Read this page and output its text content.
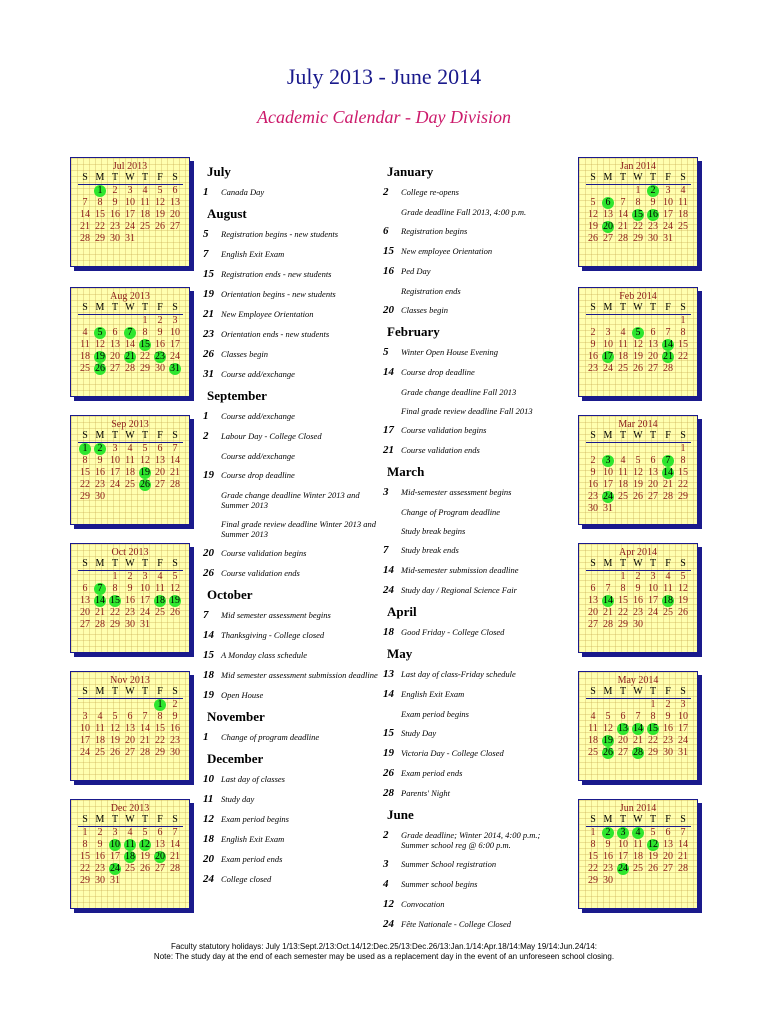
July 2013 - June 2014
Academic Calendar - Day Division
July
1	Canada Day
August
5	Registration begins - new students
7	English Exit Exam
15 Registration ends - new students
19 Orientation begins - new students
21 New Employee Orientation
23 Orientation ends - new students
26 Classes begin
31 Course add/exchange
September
1	Course add/exchange
2	Labour Day - College Closed
Course add/exchange
19 Course drop deadline
Grade change deadline Winter 2013 and Summer 2013
Final grade review deadline Winter 2013 and Summer 2013
20 Course validation begins
26 Course validation ends
October
7	Mid semester assessment begins
14 Thanksgiving - College closed
15 A Monday class schedule
18 Mid semester assessment submission deadline
19 Open House
November
1	Change of program deadline
December
10 Last day of classes
11 Study day
12 Exam period begins
18 English Exit Exam
20 Exam period ends
24 College closed
January
2	College re-opens
Grade deadline Fall 2013, 4:00 p.m.
6	Registration begins
15 New employee Orientation
16 Ped Day
Registration ends
20 Classes begin
February
5	Winter Open House Evening
14 Course drop deadline
Grade change deadline Fall 2013
Final grade review deadline Fall 2013
17 Course validation begins
21 Course validation ends
March
3	Mid-semester assessment begins
Change of Program deadline
Study break begins
7	Study break ends
14 Mid-semester submission deadline
24 Study day / Regional Science Fair
April
18 Good Friday - College Closed
May
13 Last day of class-Friday schedule
14 English Exit Exam
Exam period begins
15 Study Day
19 Victoria Day - College Closed
26 Exam period ends
28 Parents' Night
June
2	Grade deadline; Winter 2014, 4:00 p.m.; Summer school reg @ 6:00 p.m.
3	Summer School registration
4	Summer school begins
12 Convocation
24 Fête Nationale - College Closed
Faculty statutory holidays: July 1/13:Sept.2/13:Oct.14/12:Dec.25/13:Dec.26/13:Jan.1/14:Apr.18/14:May 19/14:Jun.24/14:
Note: The study day at the end of each semester may be used as a replacement day in the event of an unforeseen school closing.
Jul 2013
S	M	T	W	T	F	S
	1	2	3	4	5	6
7	8	9	10	11	12	13
14	15	16	17	18	19	20
21	22	23	24	25	26	27
28	29	30	31			
Aug 2013
S	M	T	W	T	F	S
				1	2	3
4	5	6	7	8	9	10
11	12	13	14	15	16	17
18	19	20	21	22	23	24
25	26	27	28	29	30	31
Sep 2013
S	M	T	W	T	F	S
1	2	3	4	5	6	7
8	9	10	11	12	13	14
15	16	17	18	19	20	21
22	23	24	25	26	27	28
29	30					
Oct 2013
S	M	T	W	T	F	S
		1	2	3	4	5
6	7	8	9	10	11	12
13	14	15	16	17	18	19
20	21	22	23	24	25	26
27	28	29	30	31		
Nov 2013
S	M	T	W	T	F	S
					1	2
3	4	5	6	7	8	9
10	11	12	13	14	15	16
17	18	19	20	21	22	23
24	25	26	27	28	29	30
Dec 2013
S	M	T	W	T	F	S
1	2	3	4	5	6	7
8	9	10	11	12	13	14
15	16	17	18	19	20	21
22	23	24	25	26	27	28
29	30	31				
Jan 2014
S	M	T	W	T	F	S
			1	2	3	4
5	6	7	8	9	10	11
12	13	14	15	16	17	18
19	20	21	22	23	24	25
26	27	28	29	30	31	
Feb 2014
S	M	T	W	T	F	S
						1
2	3	4	5	6	7	8
9	10	11	12	13	14	15
16	17	18	19	20	21	22
23	24	25	26	27	28	
Mar 2014
S	M	T	W	T	F	S
						1
2	3	4	5	6	7	8
9	10	11	12	13	14	15
16	17	18	19	20	21	22
23	24	25	26	27	28	29
30	31					
Apr 2014
S	M	T	W	T	F	S
		1	2	3	4	5
6	7	8	9	10	11	12
13	14	15	16	17	18	19
20	21	22	23	24	25	26
27	28	29	30			
May 2014
S	M	T	W	T	F	S
				1	2	3
4	5	6	7	8	9	10
11	12	13	14	15	16	17
18	19	20	21	22	23	24
25	26	27	28	29	30	31
Jun 2014
S	M	T	W	T	F	S
1	2	3	4	5	6	7
8	9	10	11	12	13	14
15	16	17	18	19	20	21
22	23	24	25	26	27	28
29	30					
